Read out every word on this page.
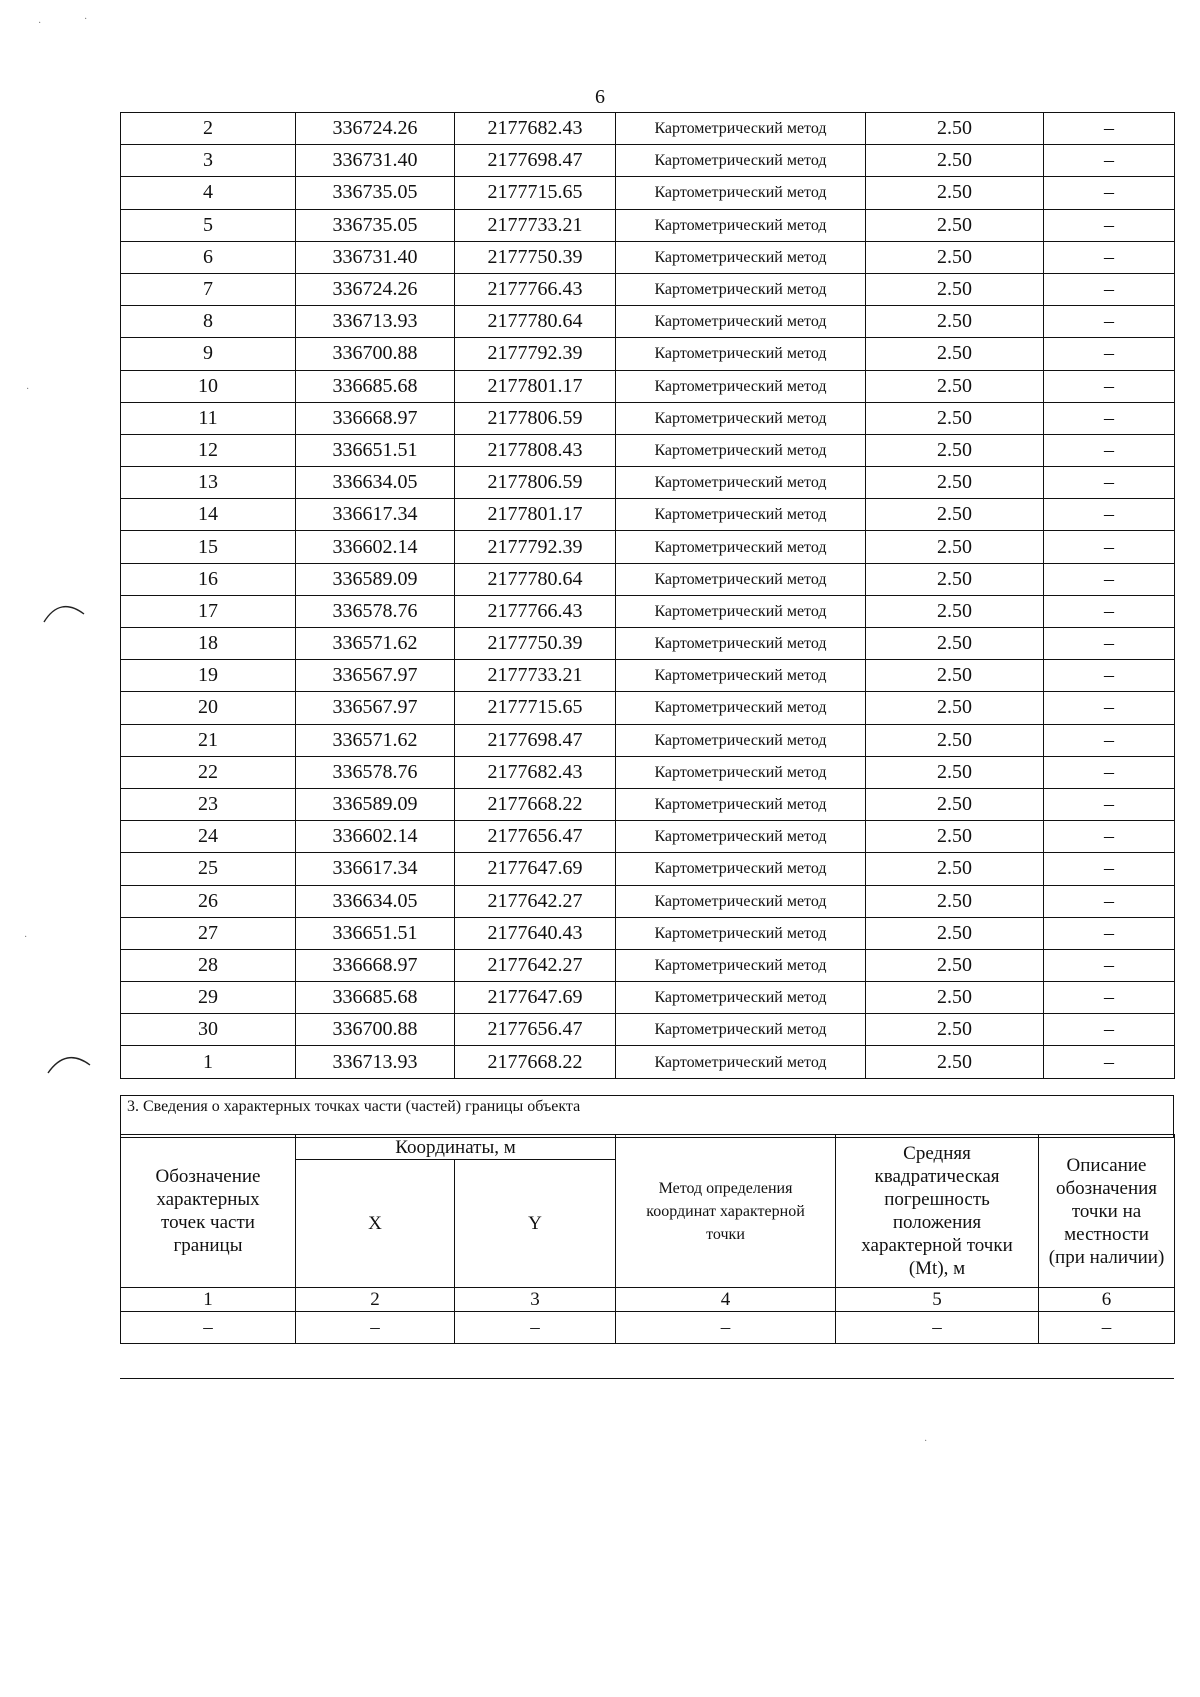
6
2	336724.26	2177682.43	Картометрический метод	2.50	–
3	336731.40	2177698.47	Картометрический метод	2.50	–
4	336735.05	2177715.65	Картометрический метод	2.50	–
5	336735.05	2177733.21	Картометрический метод	2.50	–
6	336731.40	2177750.39	Картометрический метод	2.50	–
7	336724.26	2177766.43	Картометрический метод	2.50	–
8	336713.93	2177780.64	Картометрический метод	2.50	–
9	336700.88	2177792.39	Картометрический метод	2.50	–
10	336685.68	2177801.17	Картометрический метод	2.50	–
11	336668.97	2177806.59	Картометрический метод	2.50	–
12	336651.51	2177808.43	Картометрический метод	2.50	–
13	336634.05	2177806.59	Картометрический метод	2.50	–
14	336617.34	2177801.17	Картометрический метод	2.50	–
15	336602.14	2177792.39	Картометрический метод	2.50	–
16	336589.09	2177780.64	Картометрический метод	2.50	–
17	336578.76	2177766.43	Картометрический метод	2.50	–
18	336571.62	2177750.39	Картометрический метод	2.50	–
19	336567.97	2177733.21	Картометрический метод	2.50	–
20	336567.97	2177715.65	Картометрический метод	2.50	–
21	336571.62	2177698.47	Картометрический метод	2.50	–
22	336578.76	2177682.43	Картометрический метод	2.50	–
23	336589.09	2177668.22	Картометрический метод	2.50	–
24	336602.14	2177656.47	Картометрический метод	2.50	–
25	336617.34	2177647.69	Картометрический метод	2.50	–
26	336634.05	2177642.27	Картометрический метод	2.50	–
27	336651.51	2177640.43	Картометрический метод	2.50	–
28	336668.97	2177642.27	Картометрический метод	2.50	–
29	336685.68	2177647.69	Картометрический метод	2.50	–
30	336700.88	2177656.47	Картометрический метод	2.50	–
1	336713.93	2177668.22	Картометрический метод	2.50	–
3. Сведения о характерных точках части (частей) границы объекта
Обозначение характерных точек части границы	Координаты, м		Метод определения координат характерной точки	Средняя квадратическая погрешность положения характерной точки (Mt), м	Описание обозначения точки на местности (при наличии)
	X	Y			
1	2	3	4	5	6
–	–	–	–	–	–
·	·
·
·
·
